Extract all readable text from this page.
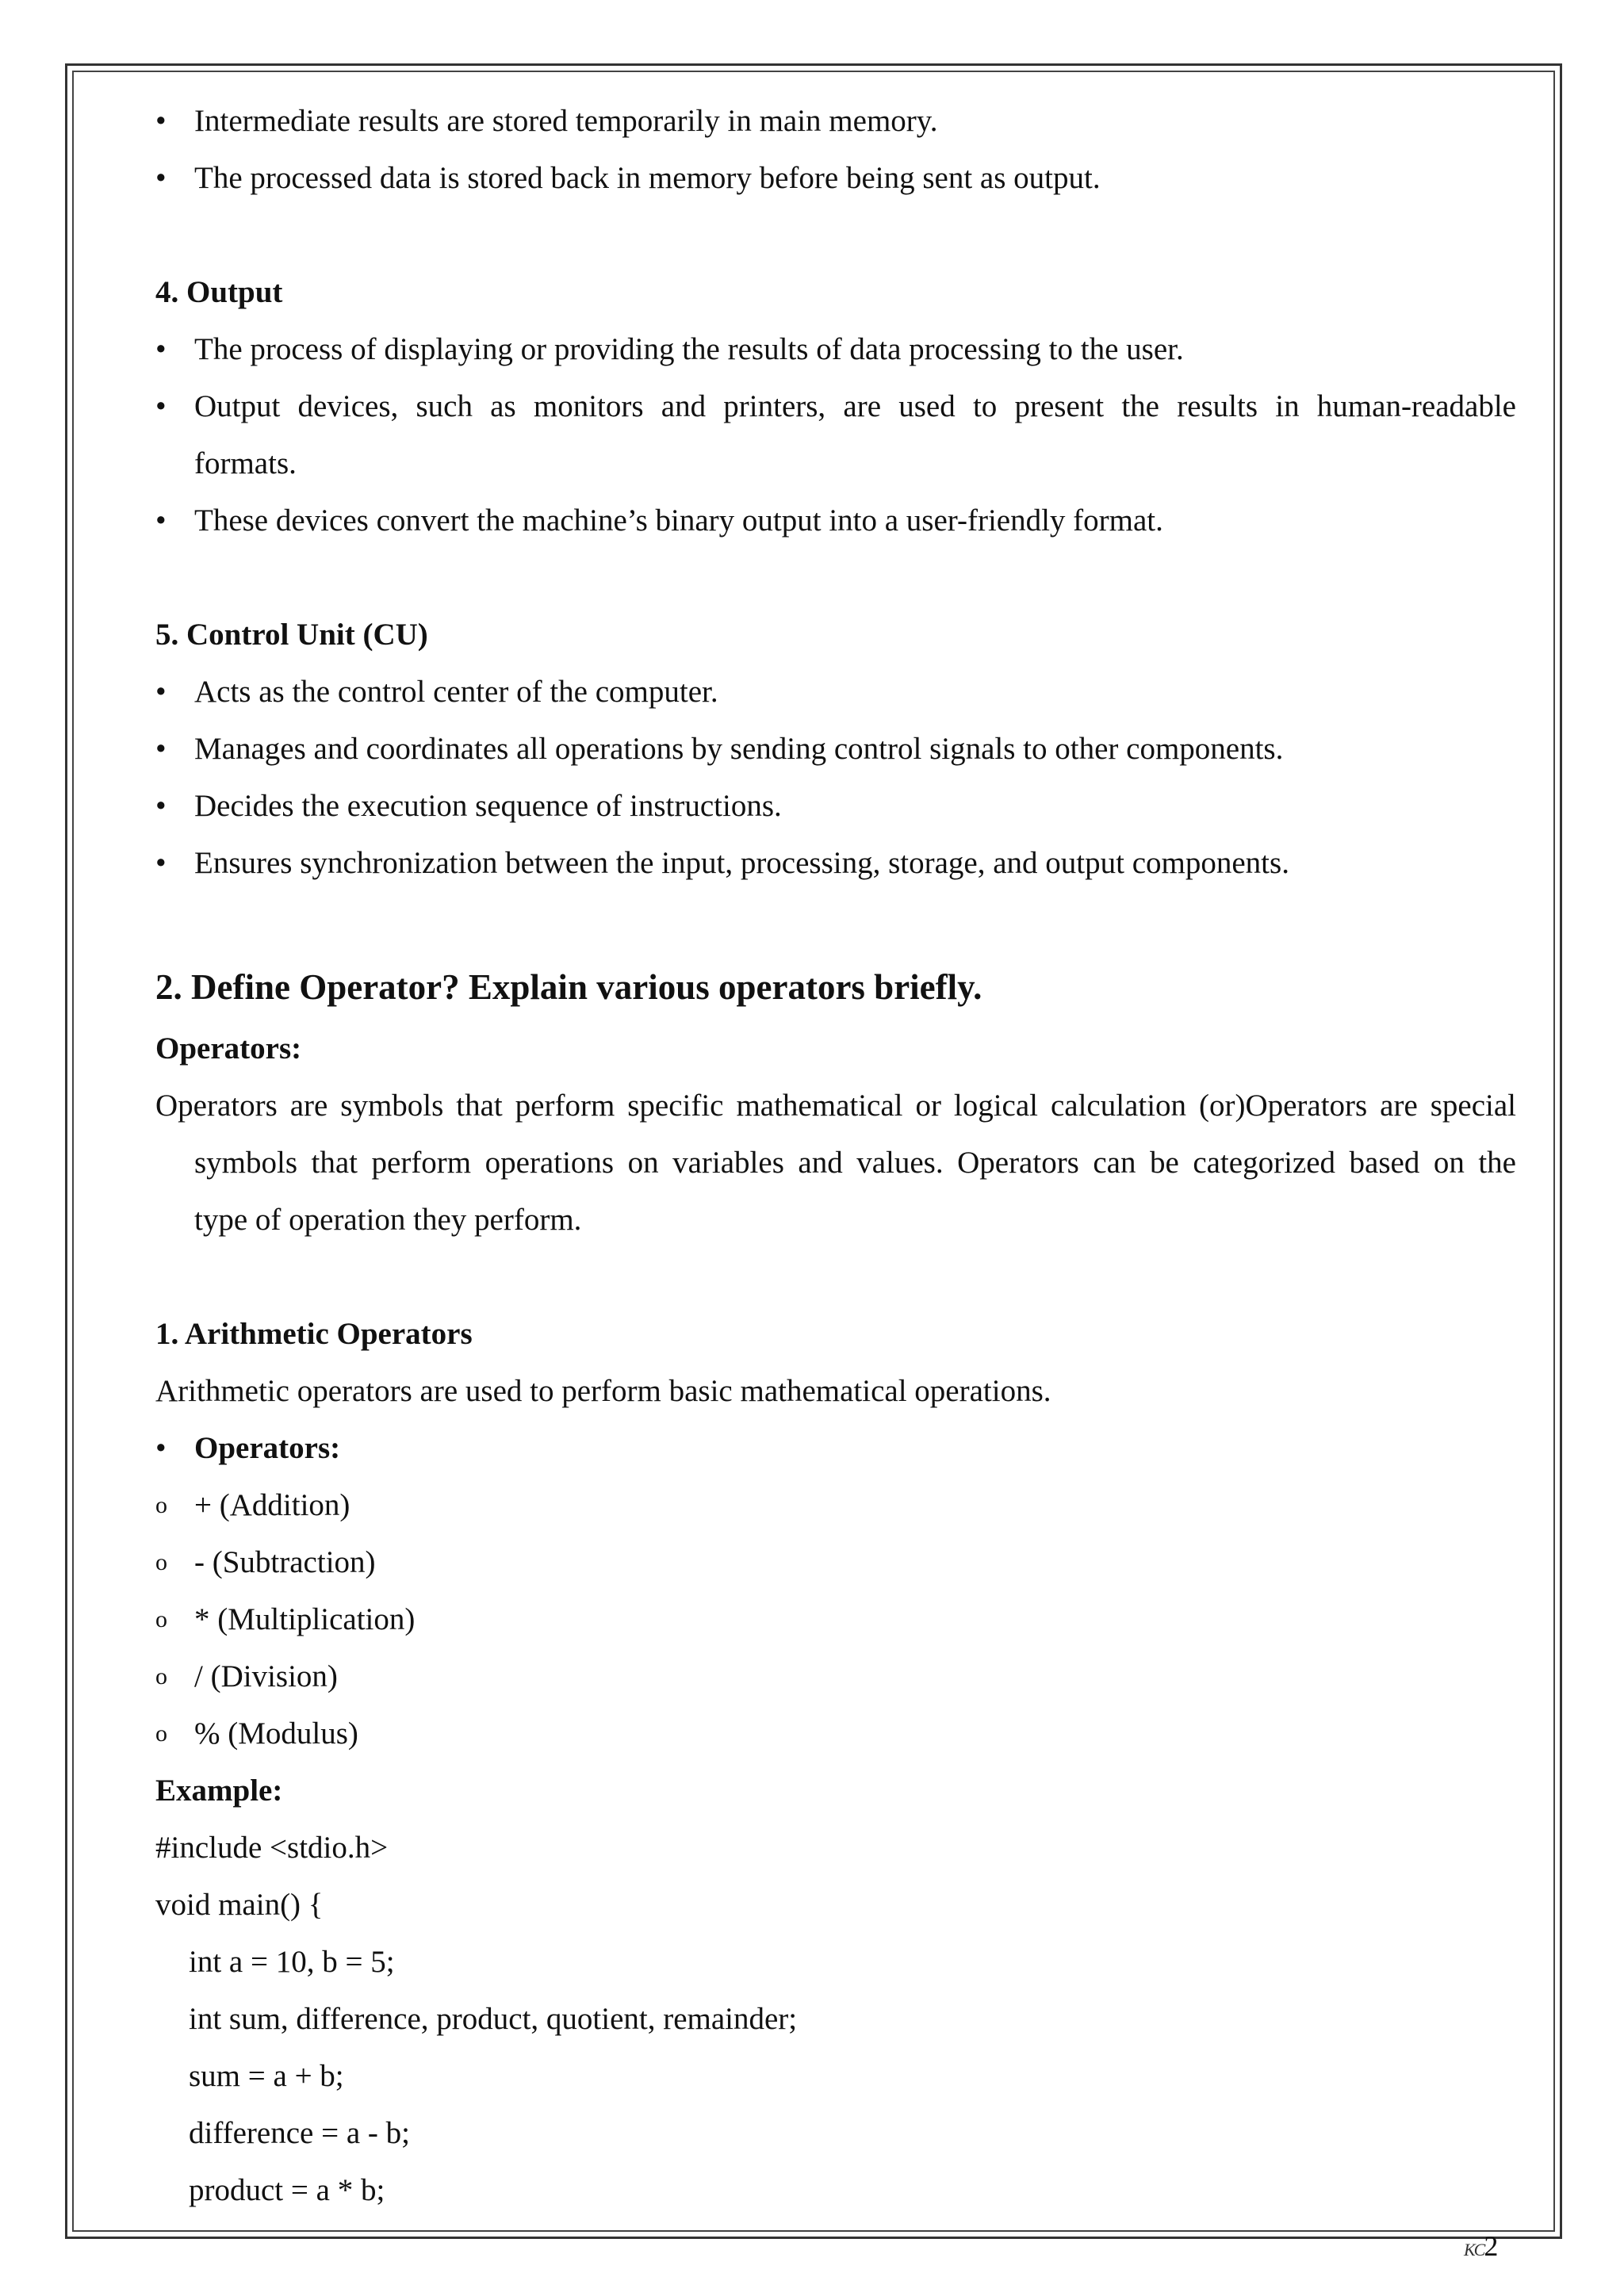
• Intermediate results are stored temporarily in main memory.
• The processed data is stored back in memory before being sent as output.
4. Output
• The process of displaying or providing the results of data processing to the user.
• Output devices, such as monitors and printers, are used to present the results in human-readable
formats.
• These devices convert the machine’s binary output into a user-friendly format.
5. Control Unit (CU)
• Acts as the control center of the computer.
• Manages and coordinates all operations by sending control signals to other components.
• Decides the execution sequence of instructions.
• Ensures synchronization between the input, processing, storage, and output components.
2. Define Operator? Explain various operators briefly.
Operators:
Operators are symbols that perform specific mathematical or logical calculation (or)Operators are special
symbols that perform operations on variables and values. Operators can be categorized based on the
type of operation they perform.
1. Arithmetic Operators
Arithmetic operators are used to perform basic mathematical operations.
• Operators:
o + (Addition)
o - (Subtraction)
o * (Multiplication)
o / (Division)
o % (Modulus)
Example:
#include <stdio.h>
void main() {
int a = 10, b = 5;
int sum, difference, product, quotient, remainder;
sum = a + b;
difference = a - b;
product = a * b;
KC2
